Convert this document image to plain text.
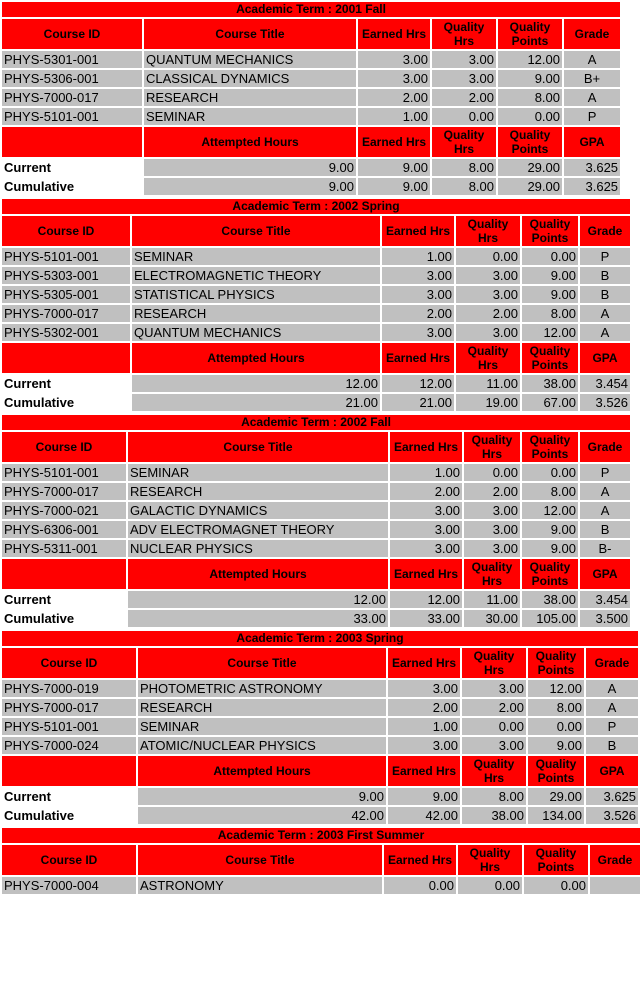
Academic Term : 2001 Fall					
Course ID	Course Title	Earned Hrs	Quality Hrs	Quality Points	Grade
PHYS-5301-001	QUANTUM MECHANICS	3.00	3.00	12.00	A
PHYS-5306-001	CLASSICAL DYNAMICS	3.00	3.00	9.00	B+
PHYS-7000-017	RESEARCH	2.00	2.00	8.00	A
PHYS-5101-001	SEMINAR	1.00	0.00	0.00	P
	Attempted Hours	Earned Hrs	Quality Hrs	Quality Points	GPA
Current	9.00	9.00	8.00	29.00	3.625
Cumulative	9.00	9.00	8.00	29.00	3.625
Academic Term : 2002 Spring					
Course ID	Course Title	Earned Hrs	Quality Hrs	Quality Points	Grade
PHYS-5101-001	SEMINAR	1.00	0.00	0.00	P
PHYS-5303-001	ELECTROMAGNETIC THEORY	3.00	3.00	9.00	B
PHYS-5305-001	STATISTICAL PHYSICS	3.00	3.00	9.00	B
PHYS-7000-017	RESEARCH	2.00	2.00	8.00	A
PHYS-5302-001	QUANTUM MECHANICS	3.00	3.00	12.00	A
	Attempted Hours	Earned Hrs	Quality Hrs	Quality Points	GPA
Current	12.00	12.00	11.00	38.00	3.454
Cumulative	21.00	21.00	19.00	67.00	3.526
Academic Term : 2002 Fall					
Course ID	Course Title	Earned Hrs	Quality Hrs	Quality Points	Grade
PHYS-5101-001	SEMINAR	1.00	0.00	0.00	P
PHYS-7000-017	RESEARCH	2.00	2.00	8.00	A
PHYS-7000-021	GALACTIC DYNAMICS	3.00	3.00	12.00	A
PHYS-6306-001	ADV ELECTROMAGNET THEORY	3.00	3.00	9.00	B
PHYS-5311-001	NUCLEAR PHYSICS	3.00	3.00	9.00	B-
	Attempted Hours	Earned Hrs	Quality Hrs	Quality Points	GPA
Current	12.00	12.00	11.00	38.00	3.454
Cumulative	33.00	33.00	30.00	105.00	3.500
Academic Term : 2003 Spring					
Course ID	Course Title	Earned Hrs	Quality Hrs	Quality Points	Grade
PHYS-7000-019	PHOTOMETRIC ASTRONOMY	3.00	3.00	12.00	A
PHYS-7000-017	RESEARCH	2.00	2.00	8.00	A
PHYS-5101-001	SEMINAR	1.00	0.00	0.00	P
PHYS-7000-024	ATOMIC/NUCLEAR PHYSICS	3.00	3.00	9.00	B
	Attempted Hours	Earned Hrs	Quality Hrs	Quality Points	GPA
Current	9.00	9.00	8.00	29.00	3.625
Cumulative	42.00	42.00	38.00	134.00	3.526
Academic Term : 2003 First Summer					
Course ID	Course Title	Earned Hrs	Quality Hrs	Quality Points	Grade
PHYS-7000-004	ASTRONOMY	0.00	0.00	0.00	
